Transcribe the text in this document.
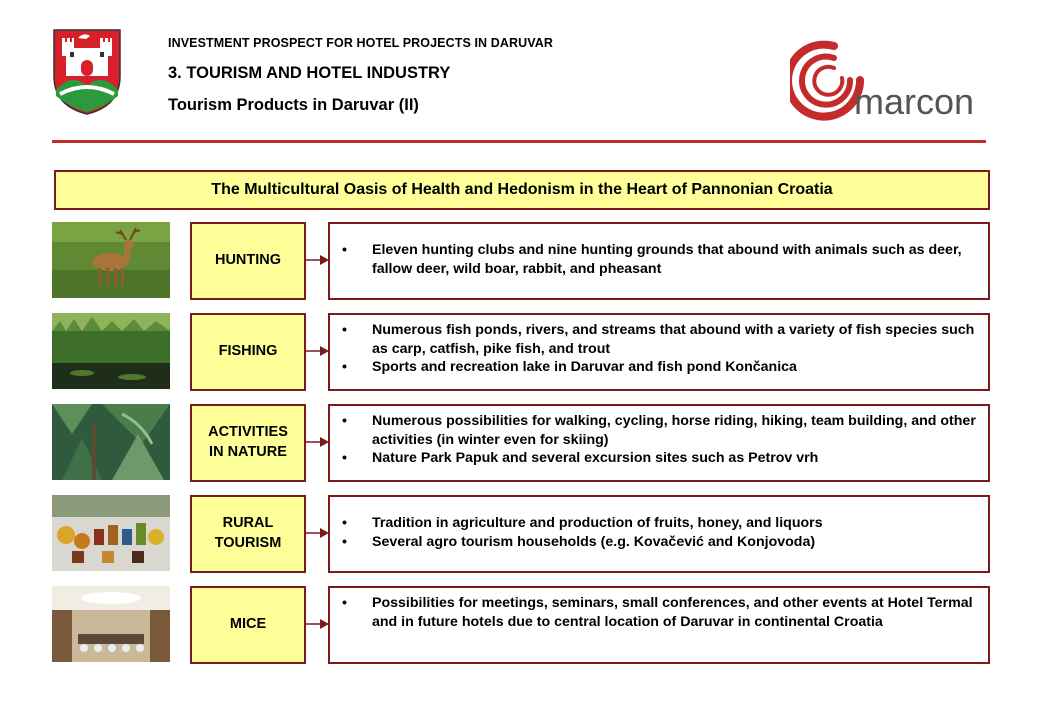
INVESTMENT PROSPECT FOR HOTEL PROJECTS IN DARUVAR
3. TOURISM AND HOTEL INDUSTRY
Tourism Products in Daruvar (II)	marcon
The Multicultural Oasis of Health and Hedonism in the Heart of Pannonian Croatia
HUNTING
• Eleven hunting clubs and nine hunting grounds that abound with animals such as deer, fallow deer, wild boar, rabbit, and pheasant
FISHING
• Numerous fish ponds, rivers, and streams that abound with a variety of fish species such as carp, catfish, pike fish, and trout
• Sports and recreation lake in Daruvar and fish pond Končanica
ACTIVITIES
IN NATURE
• Numerous possibilities for walking, cycling, horse riding, hiking, team building, and other activities (in winter even for skiing)
• Nature Park Papuk and several excursion sites such as Petrov vrh
RURAL
TOURISM
• Tradition in agriculture and production of fruits, honey, and liquors
• Several agro tourism households (e.g. Kovačević and Konjovoda)
MICE
• Possibilities for meetings, seminars, small conferences, and other events at Hotel Termal and in future hotels due to central location of Daruvar in continental Croatia
